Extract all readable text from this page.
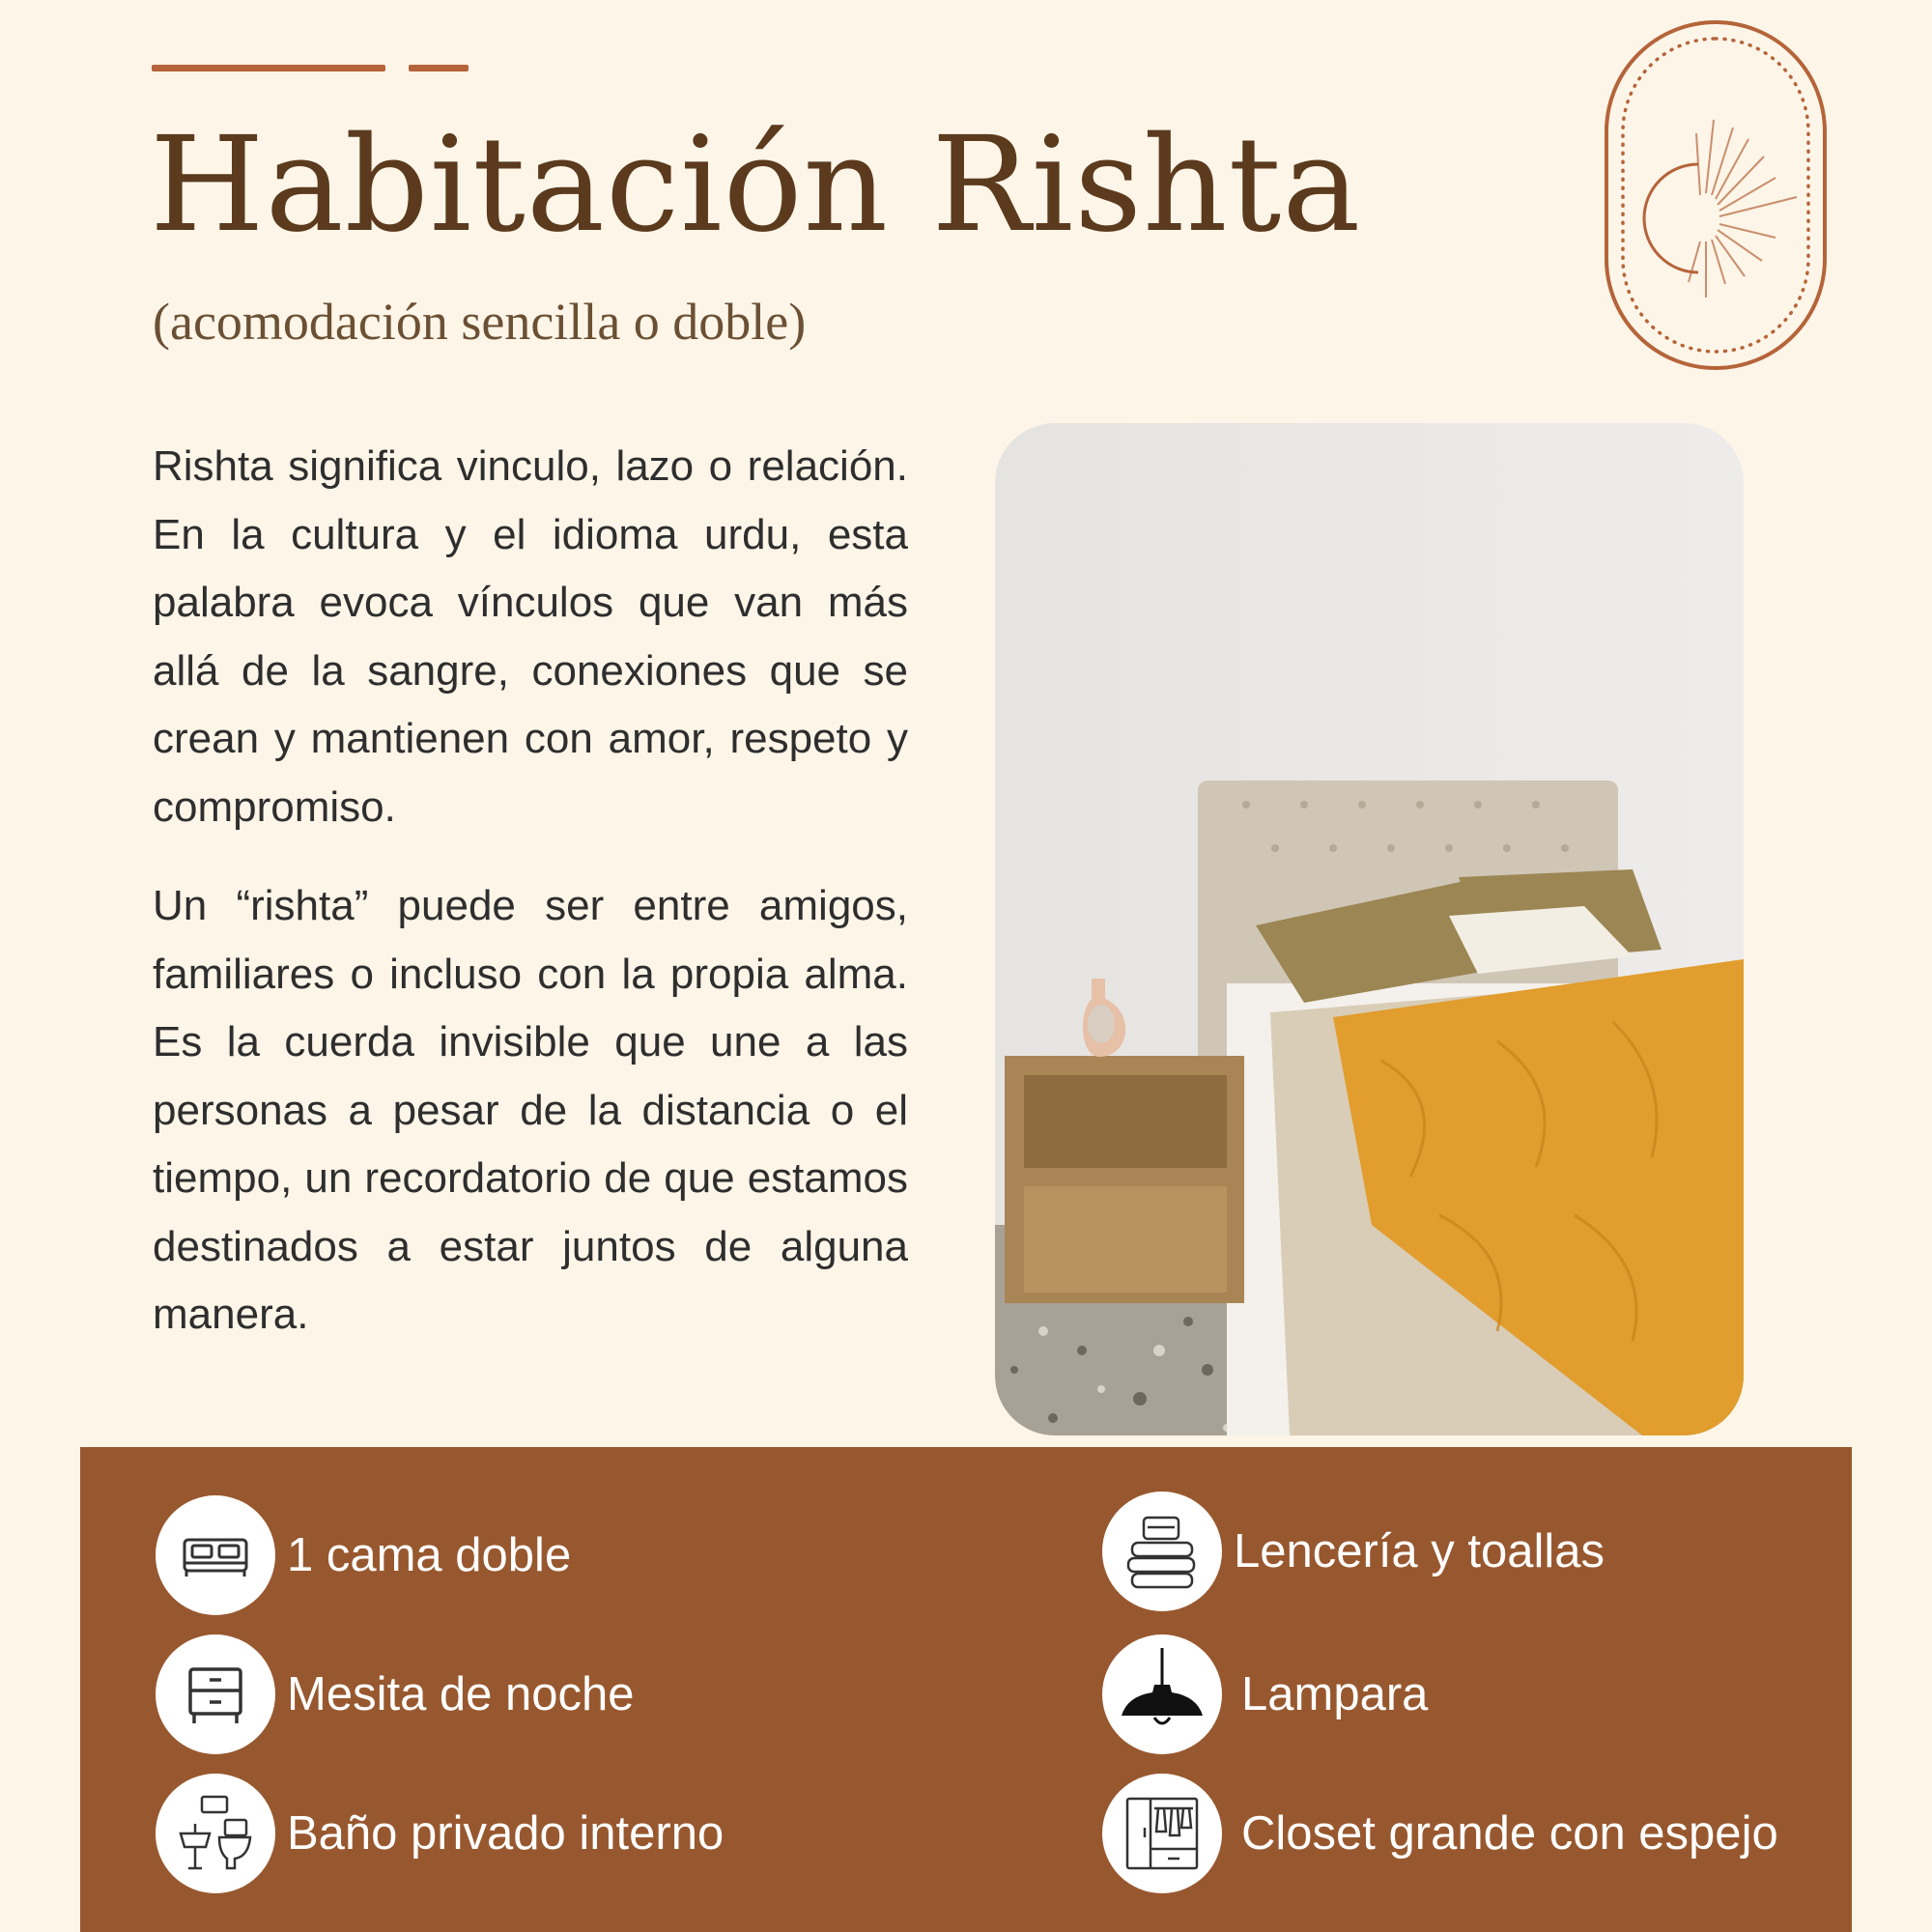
Habitación Rishta

(acomodación sencilla o doble)

Rishta significa vinculo, lazo o relación. En la cultura y el idioma urdu, esta palabra evoca vínculos que van más allá de la sangre, conexiones que se crean y mantienen con amor, respeto y compromiso.

Un “rishta” puede ser entre amigos, familiares o incluso con la propia alma. Es la cuerda invisible que une a las personas a pesar de la distancia o el tiempo, un recordatorio de que estamos destinados a estar juntos de alguna manera.

1 cama doble
Mesita de noche
Baño privado interno
Lencería y toallas
Lampara
Closet grande con espejo
